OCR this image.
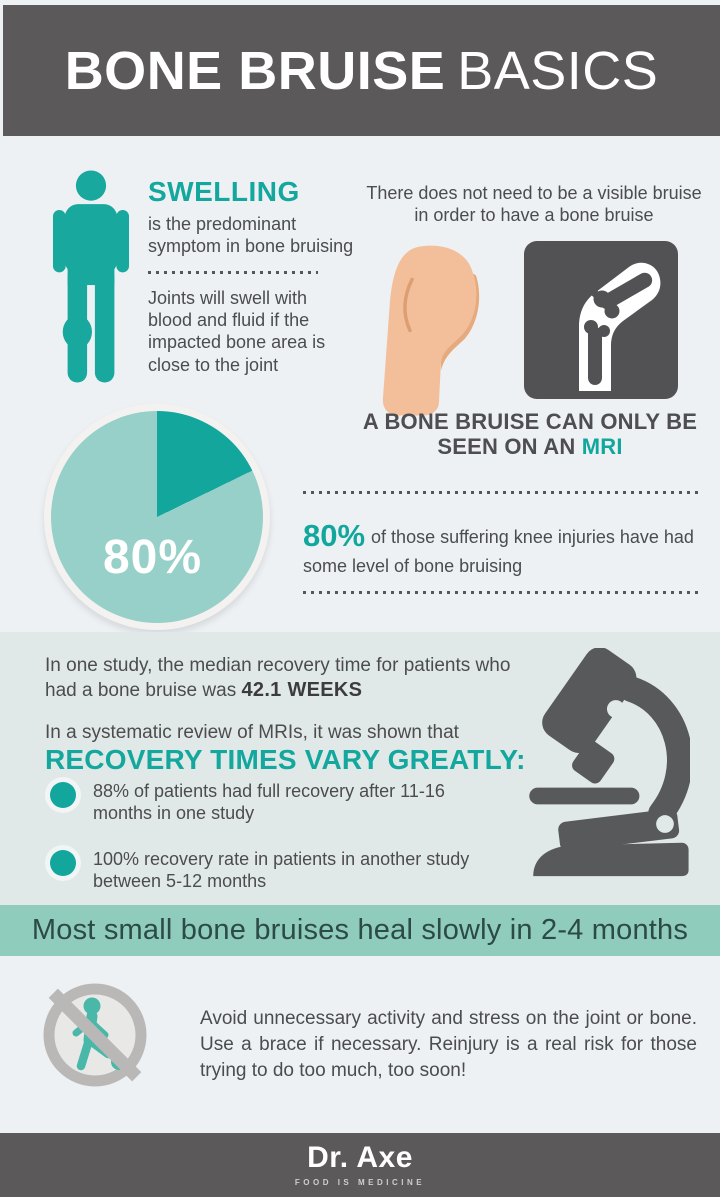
BONE BRUISE BASICS
SWELLING

is the predominant symptom in bone bruising

Joints will swell with blood and fluid if the impacted bone area is close to the joint

There does not need to be a visible bruise in order to have a bone bruise

A BONE BRUISE CAN ONLY BE SEEN ON AN MRI

80% of those suffering knee injuries have had some level of bone bruising

80%

In one study, the median recovery time for patients who had a bone bruise was 42.1 WEEKS

In a systematic review of MRIs, it was shown that

RECOVERY TIMES VARY GREATLY:

88% of patients had full recovery after 11-16 months in one study

100% recovery rate in patients in another study between 5-12 months

Most small bone bruises heal slowly in 2-4 months

Avoid unnecessary activity and stress on the joint or bone. Use a brace if necessary. Reinjury is a real risk for those trying to do too much, too soon!

Dr. Axe
FOOD IS MEDICINE
